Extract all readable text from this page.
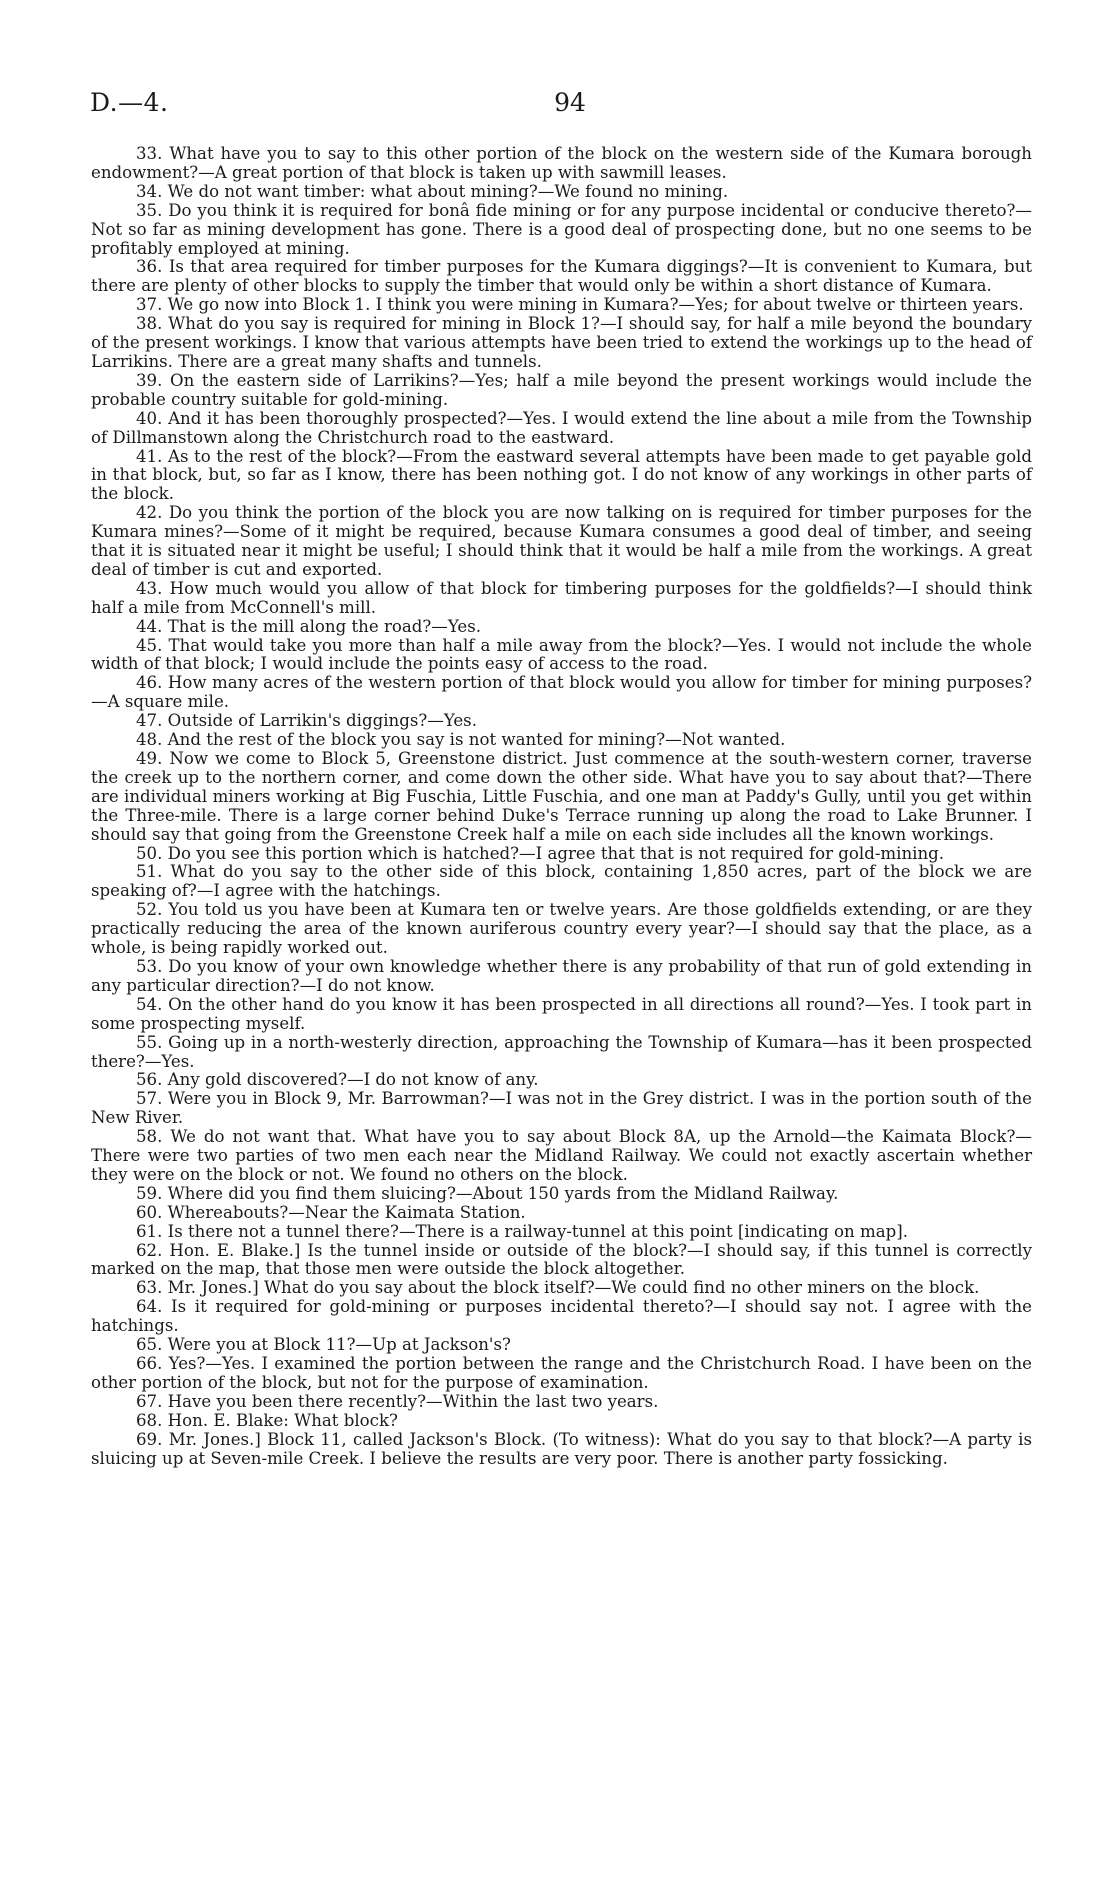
D.—4.	94

33. What have you to say to this other portion of the block on the western side of the Kumara borough endowment?—A great portion of that block is taken up with sawmill leases.

34. We do not want timber: what about mining?—We found no mining.

35. Do you think it is required for bonâ fide mining or for any purpose incidental or conducive thereto?—Not so far as mining development has gone. There is a good deal of prospecting done, but no one seems to be profitably employed at mining.

36. Is that area required for timber purposes for the Kumara diggings?—It is convenient to Kumara, but there are plenty of other blocks to supply the timber that would only be within a short distance of Kumara.

37. We go now into Block 1. I think you were mining in Kumara?—Yes; for about twelve or thirteen years.

38. What do you say is required for mining in Block 1?—I should say, for half a mile beyond the boundary of the present workings. I know that various attempts have been tried to extend the workings up to the head of Larrikins. There are a great many shafts and tunnels.

39. On the eastern side of Larrikins?—Yes; half a mile beyond the present workings would include the probable country suitable for gold-mining.

40. And it has been thoroughly prospected?—Yes. I would extend the line about a mile from the Township of Dillmanstown along the Christchurch road to the eastward.

41. As to the rest of the block?—From the eastward several attempts have been made to get payable gold in that block, but, so far as I know, there has been nothing got. I do not know of any workings in other parts of the block.

42. Do you think the portion of the block you are now talking on is required for timber purposes for the Kumara mines?—Some of it might be required, because Kumara consumes a good deal of timber, and seeing that it is situated near it might be useful; I should think that it would be half a mile from the workings. A great deal of timber is cut and exported.

43. How much would you allow of that block for timbering purposes for the goldfields?—I should think half a mile from McConnell's mill.

44. That is the mill along the road?—Yes.

45. That would take you more than half a mile away from the block?—Yes. I would not include the whole width of that block; I would include the points easy of access to the road.

46. How many acres of the western portion of that block would you allow for timber for mining purposes?—A square mile.

47. Outside of Larrikin's diggings?—Yes.

48. And the rest of the block you say is not wanted for mining?—Not wanted.

49. Now we come to Block 5, Greenstone district. Just commence at the south-western corner, traverse the creek up to the northern corner, and come down the other side. What have you to say about that?—There are individual miners working at Big Fuschia, Little Fuschia, and one man at Paddy's Gully, until you get within the Three-mile. There is a large corner behind Duke's Terrace running up along the road to Lake Brunner. I should say that going from the Greenstone Creek half a mile on each side includes all the known workings.

50. Do you see this portion which is hatched?—I agree that that is not required for gold-mining.

51. What do you say to the other side of this block, containing 1,850 acres, part of the block we are speaking of?—I agree with the hatchings.

52. You told us you have been at Kumara ten or twelve years. Are those goldfields extending, or are they practically reducing the area of the known auriferous country every year?—I should say that the place, as a whole, is being rapidly worked out.

53. Do you know of your own knowledge whether there is any probability of that run of gold extending in any particular direction?—I do not know.

54. On the other hand do you know it has been prospected in all directions all round?—Yes. I took part in some prospecting myself.

55. Going up in a north-westerly direction, approaching the Township of Kumara—has it been prospected there?—Yes.

56. Any gold discovered?—I do not know of any.

57. Were you in Block 9, Mr. Barrowman?—I was not in the Grey district. I was in the portion south of the New River.

58. We do not want that. What have you to say about Block 8A, up the Arnold—the Kaimata Block?—There were two parties of two men each near the Midland Railway. We could not exactly ascertain whether they were on the block or not. We found no others on the block.

59. Where did you find them sluicing?—About 150 yards from the Midland Railway.

60. Whereabouts?—Near the Kaimata Station.

61. Is there not a tunnel there?—There is a railway-tunnel at this point [indicating on map].

62. Hon. E. Blake.] Is the tunnel inside or outside of the block?—I should say, if this tunnel is correctly marked on the map, that those men were outside the block altogether.

63. Mr. Jones.] What do you say about the block itself?—We could find no other miners on the block.

64. Is it required for gold-mining or purposes incidental thereto?—I should say not. I agree with the hatchings.

65. Were you at Block 11?—Up at Jackson's?

66. Yes?—Yes. I examined the portion between the range and the Christchurch Road. I have been on the other portion of the block, but not for the purpose of examination.

67. Have you been there recently?—Within the last two years.

68. Hon. E. Blake: What block?

69. Mr. Jones.] Block 11, called Jackson's Block. (To witness): What do you say to that block?—A party is sluicing up at Seven-mile Creek. I believe the results are very poor. There is another party fossicking.
